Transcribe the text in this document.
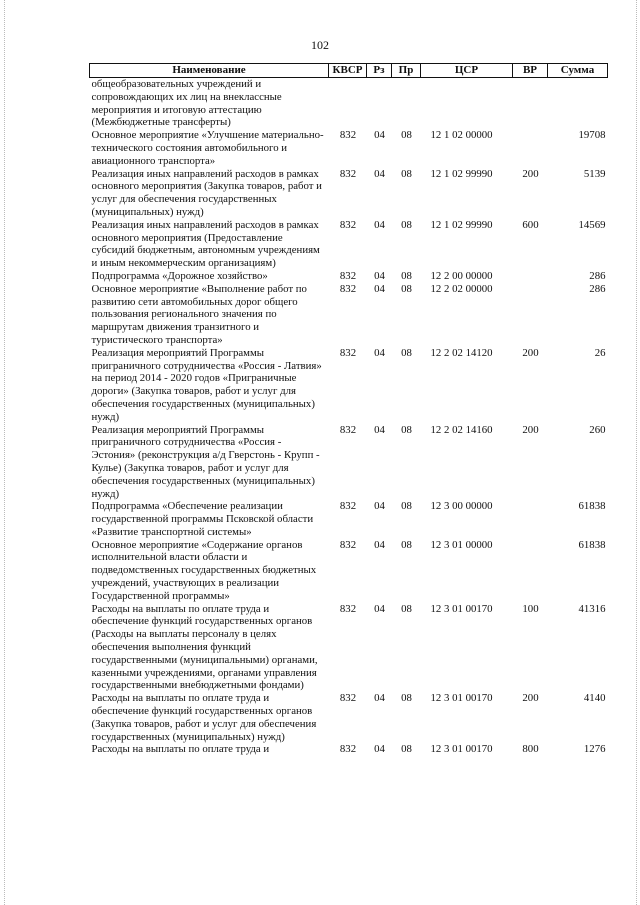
102
Наименование	КВСР	Рз	Пр	ЦСР	ВР	Сумма
общеобразовательных учреждений и сопровождающих их лиц на внеклассные мероприятия и итоговую аттестацию (Межбюджетные трансферты)						
Основное мероприятие «Улучшение материально-технического состояния автомобильного и авиационного транспорта»	832	04	08	12 1 02 00000		19708
Реализация иных направлений расходов в рамках основного мероприятия (Закупка товаров, работ и услуг для обеспечения государственных (муниципальных) нужд)	832	04	08	12 1 02 99990	200	5139
Реализация иных направлений расходов в рамках основного мероприятия (Предоставление субсидий бюджетным, автономным учреждениям и иным некоммерческим организациям)	832	04	08	12 1 02 99990	600	14569
Подпрограмма «Дорожное хозяйство»	832	04	08	12 2 00 00000		286
Основное мероприятие «Выполнение работ по развитию сети автомобильных дорог общего пользования регионального значения по маршрутам движения транзитного и туристического транспорта»	832	04	08	12 2 02 00000		286
Реализация мероприятий Программы приграничного сотрудничества «Россия - Латвия» на период 2014 - 2020 годов «Приграничные дороги» (Закупка товаров, работ и услуг для обеспечения государственных (муниципальных) нужд)	832	04	08	12 2 02 14120	200	26
Реализация мероприятий Программы приграничного сотрудничества «Россия - Эстония» (реконструкция а/д Гверстонь - Крупп - Кулье) (Закупка товаров, работ и услуг для обеспечения государственных (муниципальных) нужд)	832	04	08	12 2 02 14160	200	260
Подпрограмма «Обеспечение реализации государственной программы Псковской области «Развитие транспортной системы»	832	04	08	12 3 00 00000		61838
Основное мероприятие «Содержание органов исполнительной власти области и подведомственных государственных бюджетных учреждений, участвующих в реализации Государственной программы»	832	04	08	12 3 01 00000		61838
Расходы на выплаты по оплате труда и обеспечение функций государственных органов (Расходы на выплаты персоналу в целях обеспечения выполнения функций государственными (муниципальными) органами, казенными учреждениями, органами управления государственными внебюджетными фондами)	832	04	08	12 3 01 00170	100	41316
Расходы на выплаты по оплате труда и обеспечение функций государственных органов (Закупка товаров, работ и услуг для обеспечения государственных (муниципальных) нужд)	832	04	08	12 3 01 00170	200	4140
Расходы на выплаты по оплате труда и	832	04	08	12 3 01 00170	800	1276
